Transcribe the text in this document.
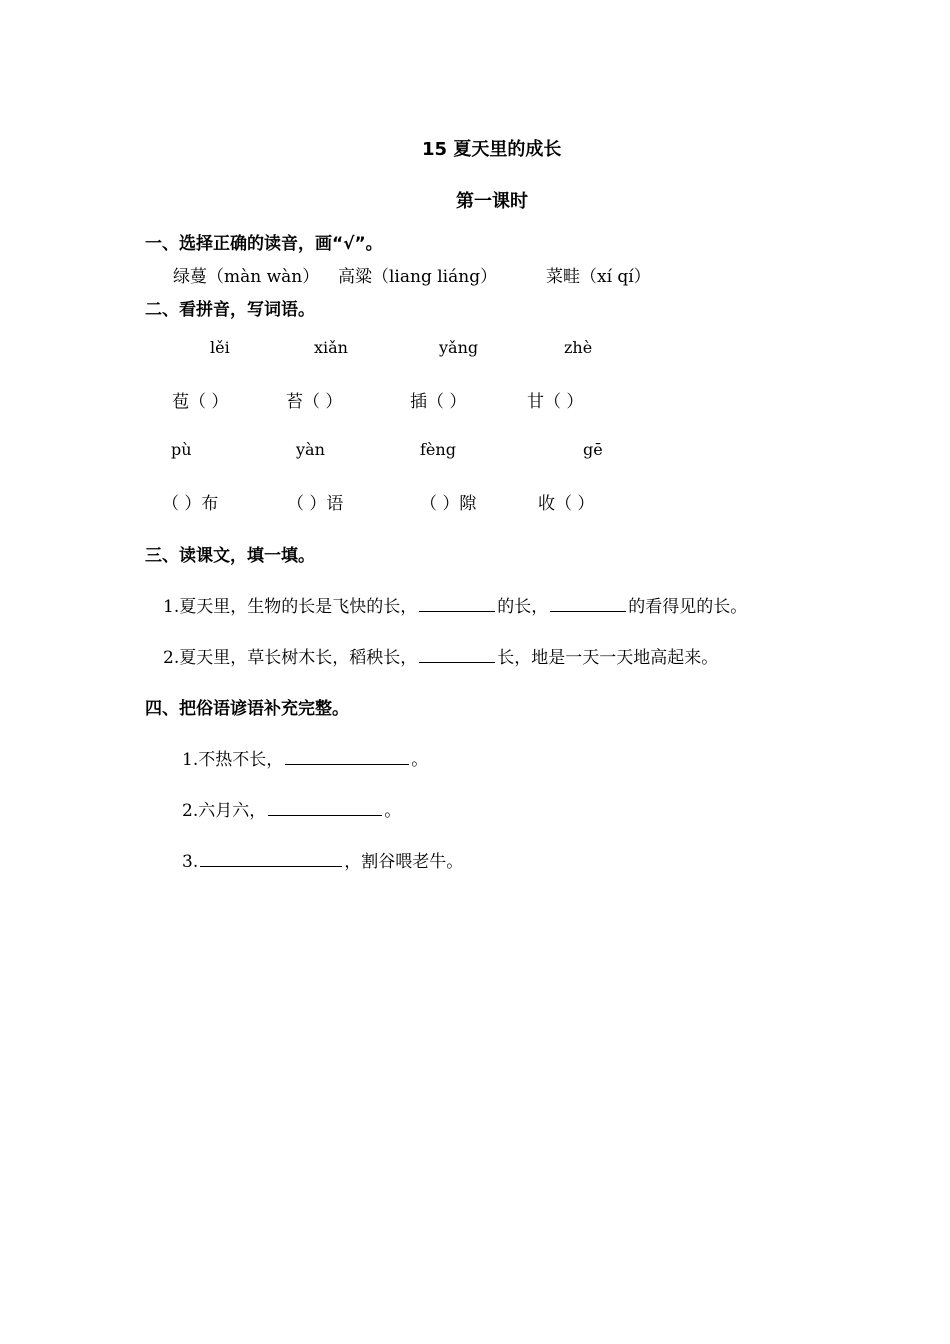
15 夏天里的成长
第一课时
一、选择正确的读音，画“√”。
绿蔓（màn wàn） 高粱（liang liáng）	菜畦（xí qí）
二、看拼音，写词语。
lěi	xiǎn	yǎng	zhè
苞（ ）	苔（ ）	插（ ）	甘（ ）
pù	yàn	fèng	gē
（ ）布	（ ）语	（ ）隙	收（ ）
三、读课文，填一填。
1.夏天里，生物的长是飞快的长，	的长，	的看得见的长。
2.夏天里，草长树木长，稻秧长，	长，地是一天一天地高起来。
四、把俗语谚语补充完整。
1.不热不长，	。
2.六月六，	。
3.	，割谷喂老牛。
